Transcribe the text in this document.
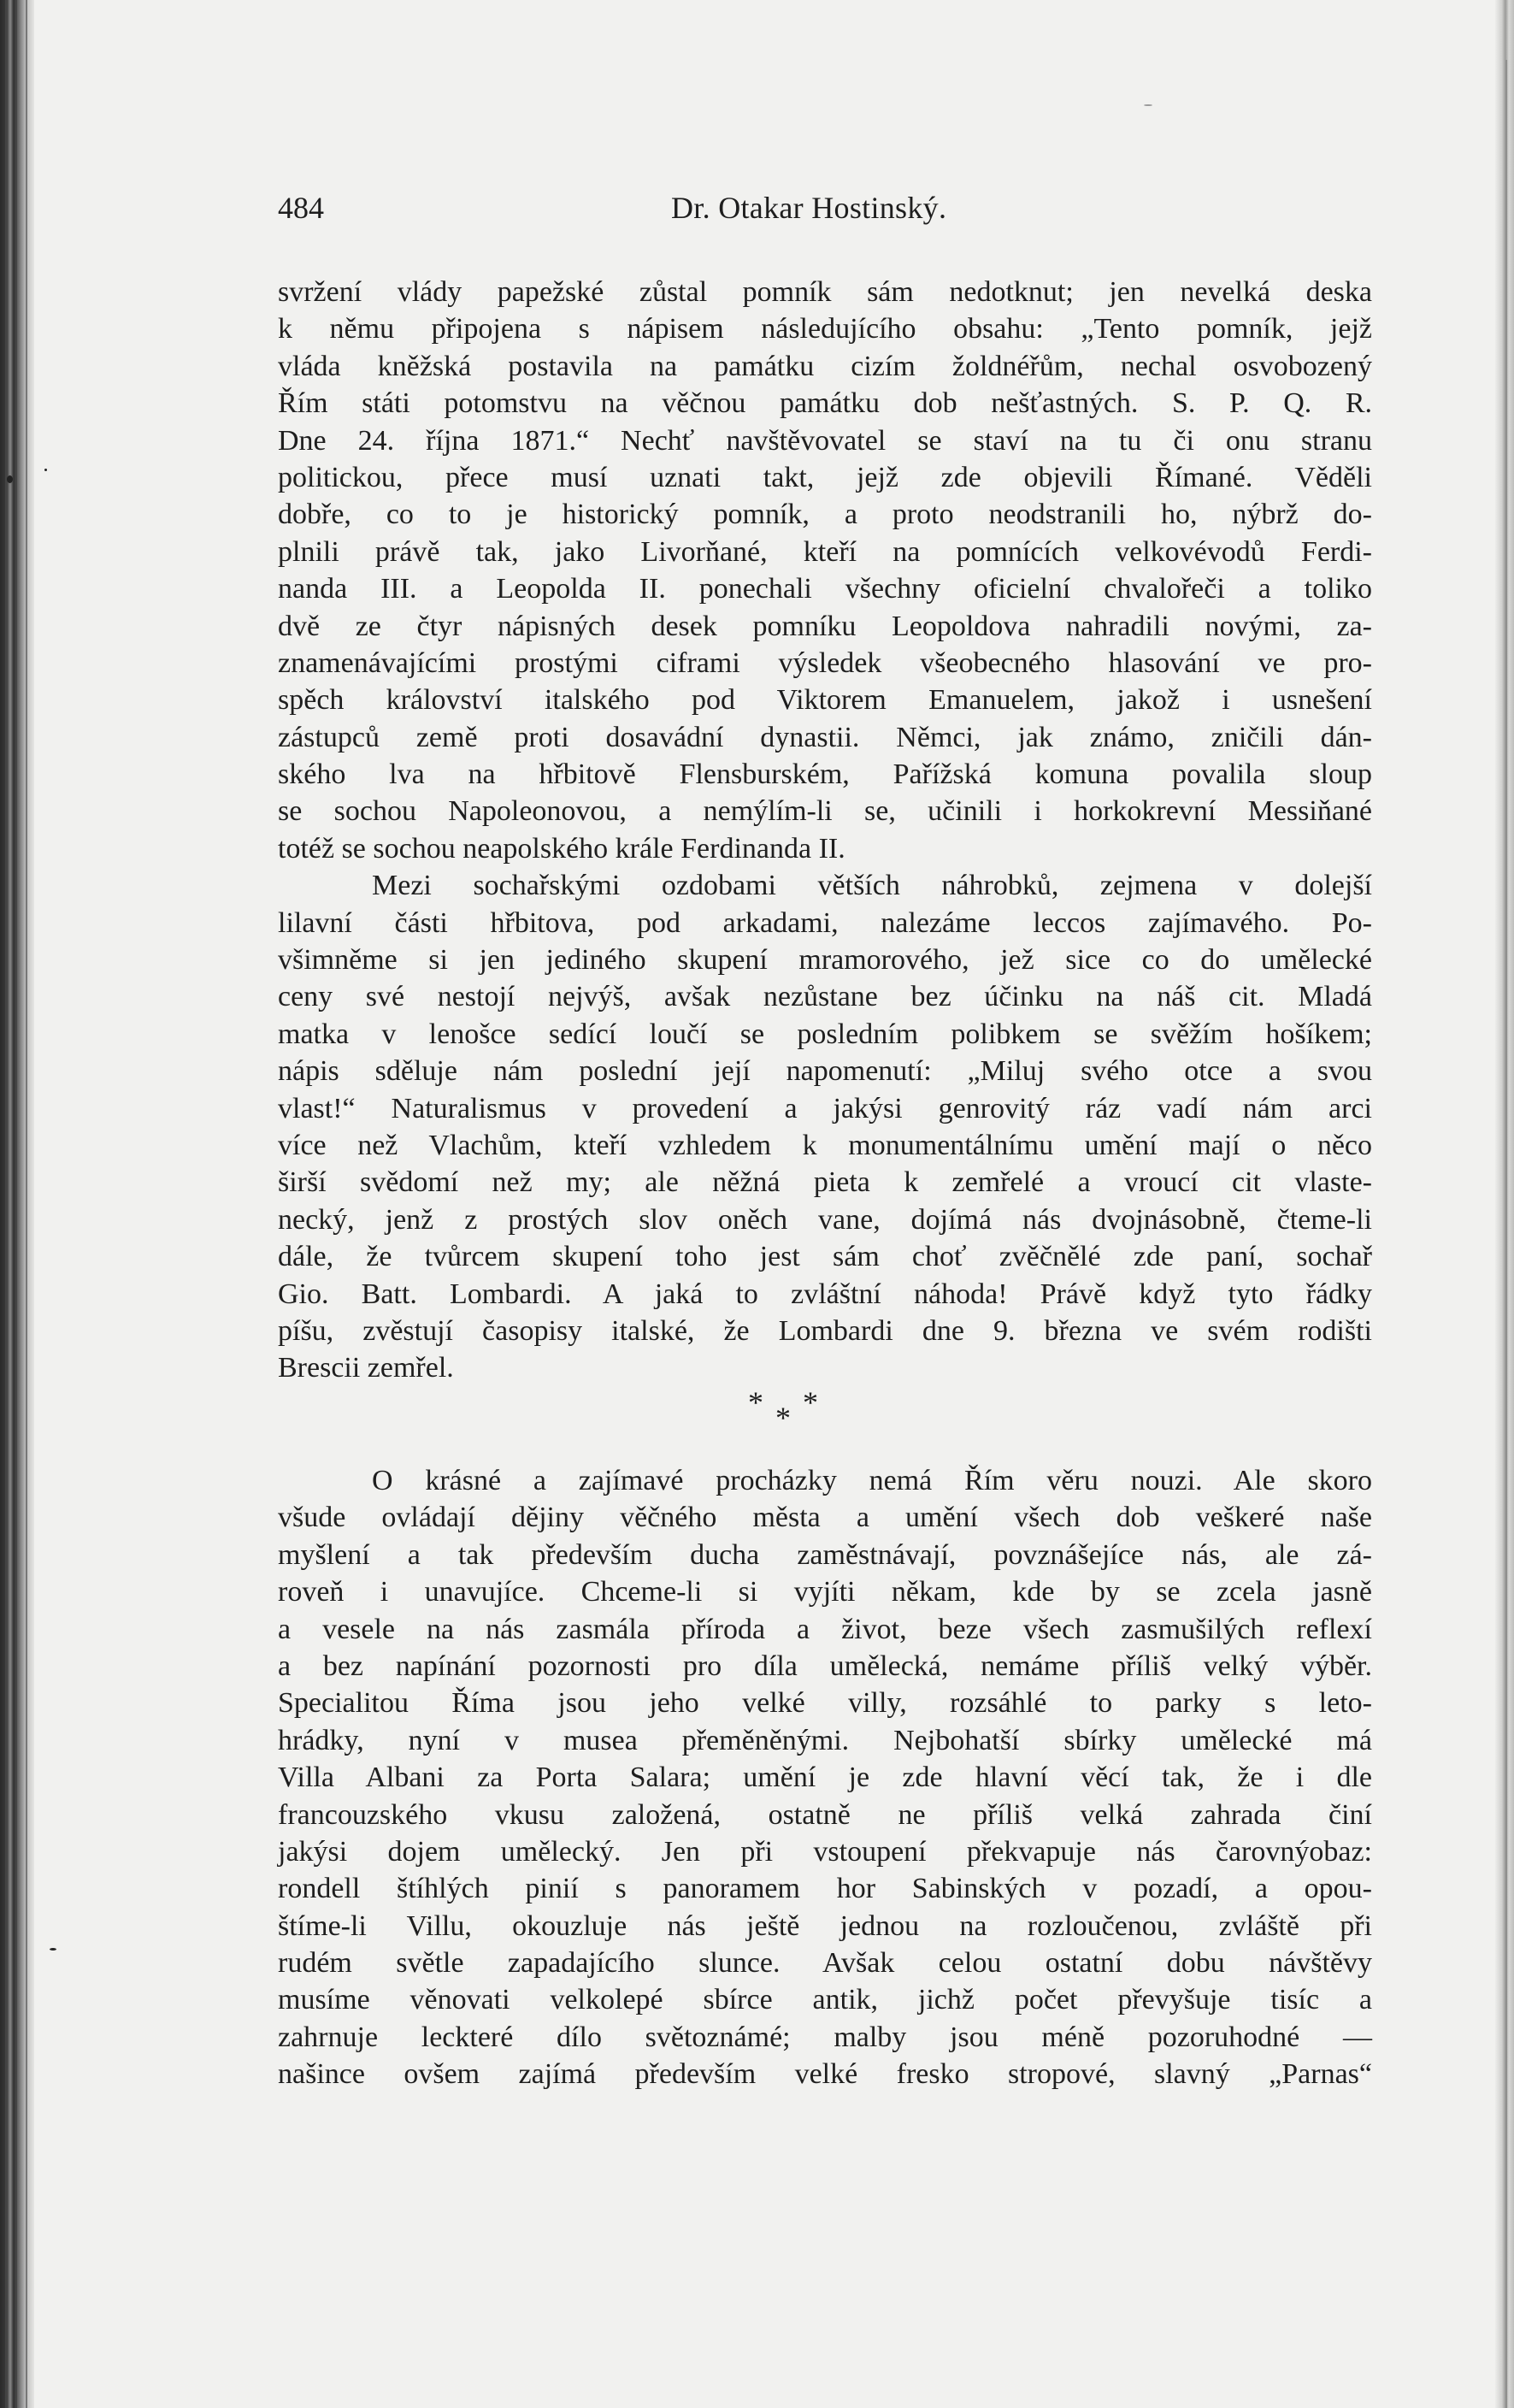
484	Dr. Otakar Hostinský.
svržení vlády papežské zůstal pomník sám nedotknut; jen nevelká deska
k němu připojena s nápisem následujícího obsahu: „Tento pomník, jejž
vláda kněžská postavila na památku cizím žoldnéřům, nechal osvobozený
Řím státi potomstvu na věčnou památku dob nešťastných. S. P. Q. R.
Dne 24. října 1871.“ Nechť navštěvovatel se staví na tu či onu stranu
politickou, přece musí uznati takt, jejž zde objevili Římané. Věděli
dobře, co to je historický pomník, a proto neodstranili ho, nýbrž do-
plnili právě tak, jako Livorňané, kteří na pomnících velkovévodů Ferdi-
nanda III. a Leopolda II. ponechali všechny oficielní chvalořeči a toliko
dvě ze čtyr nápisných desek pomníku Leopoldova nahradili novými, za-
znamenávajícími prostými ciframi výsledek všeobecného hlasování ve pro-
spěch království italského pod Viktorem Emanuelem, jakož i usnešení
zástupců země proti dosavádní dynastii. Němci, jak známo, zničili dán-
ského lva na hřbitově Flensburském, Pařížská komuna povalila sloup
se sochou Napoleonovou, a nemýlím-li se, učinili i horkokrevní Messiňané
totéž se sochou neapolského krále Ferdinanda II.
Mezi sochařskými ozdobami větších náhrobků, zejmena v dolejší
lilavní části hřbitova, pod arkadami, nalezáme leccos zajímavého. Po-
všimněme si jen jediného skupení mramorového, jež sice co do umělecké
ceny své nestojí nejvýš, avšak nezůstane bez účinku na náš cit. Mladá
matka v lenošce sedící loučí se posledním polibkem se svěžím hošíkem;
nápis sděluje nám poslední její napomenutí: „Miluj svého otce a svou
vlast!“ Naturalismus v provedení a jakýsi genrovitý ráz vadí nám arci
více než Vlachům, kteří vzhledem k monumentálnímu umění mají o něco
širší svědomí než my; ale něžná pieta k zemřelé a vroucí cit vlaste-
necký, jenž z prostých slov oněch vane, dojímá nás dvojnásobně, čteme-li
dále, že tvůrcem skupení toho jest sám choť zvěčnělé zde paní, sochař
Gio. Batt. Lombardi. A jaká to zvláštní náhoda! Právě když tyto řádky
píšu, zvěstují časopisy italské, že Lombardi dne 9. března ve svém rodišti
Brescii zemřel.
* * *
O krásné a zajímavé procházky nemá Řím věru nouzi. Ale skoro
všude ovládají dějiny věčného města a umění všech dob veškeré naše
myšlení a tak především ducha zaměstnávají, povznášejíce nás, ale zá-
roveň i unavujíce. Chceme-li si vyjíti někam, kde by se zcela jasně
a vesele na nás zasmála příroda a život, beze všech zasmušilých reflexí
a bez napínání pozornosti pro díla umělecká, nemáme příliš velký výběr.
Specialitou Říma jsou jeho velké villy, rozsáhlé to parky s leto-
hrádky, nyní v musea přeměněnými. Nejbohatší sbírky umělecké má
Villa Albani za Porta Salara; umění je zde hlavní věcí tak, že i dle
francouzského vkusu založená, ostatně ne příliš velká zahrada činí
jakýsi dojem umělecký. Jen při vstoupení překvapuje nás čarovnýobaz:
rondell štíhlých pinií s panoramem hor Sabinských v pozadí, a opou-
štíme-li Villu, okouzluje nás ještě jednou na rozloučenou, zvláště při
rudém světle zapadajícího slunce. Avšak celou ostatní dobu návštěvy
musíme věnovati velkolepé sbírce antik, jichž počet převyšuje tisíc a
zahrnuje leckteré dílo světoznámé; malby jsou méně pozoruhodné —
našince ovšem zajímá především velké fresko stropové, slavný „Parnas“
